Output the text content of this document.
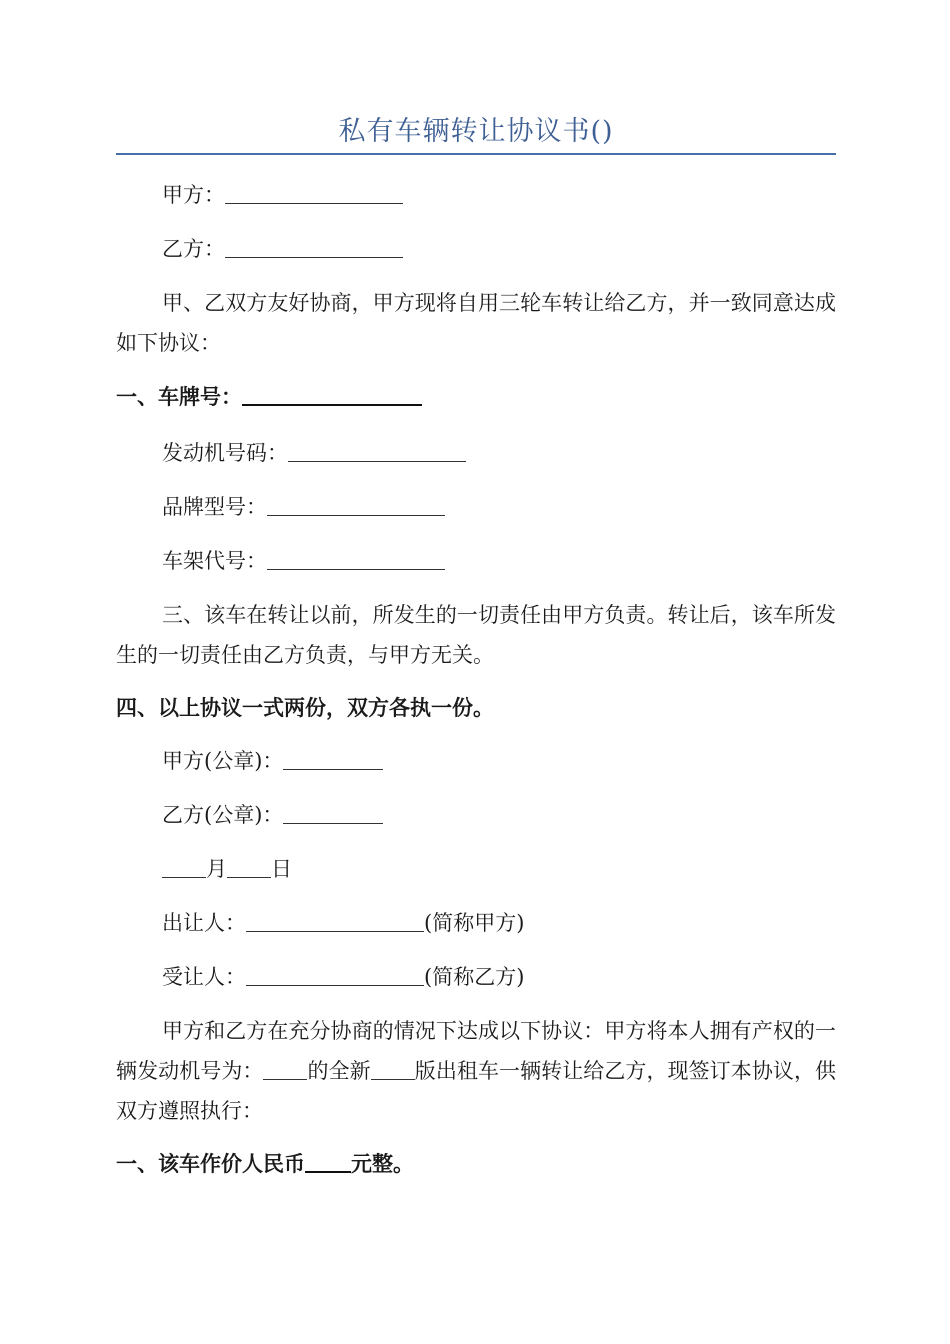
私有车辆转让协议书()
甲方：
乙方：
甲、乙双方友好协商，甲方现将自用三轮车转让给乙方，并一致同意达成如下协议：
一、车牌号：
发动机号码：
品牌型号：
车架代号：
三、该车在转让以前，所发生的一切责任由甲方负责。转让后，该车所发生的一切责任由乙方负责，与甲方无关。
四、以上协议一式两份，双方各执一份。
甲方(公章)：
乙方(公章)：
月 日
出让人：	(简称甲方)
受让人：	(简称乙方)
甲方和乙方在充分协商的情况下达成以下协议：甲方将本人拥有产权的一辆发动机号为： 的全新 版出租车一辆转让给乙方，现签订本协议，供双方遵照执行：
一、该车作价人民币 元整。
